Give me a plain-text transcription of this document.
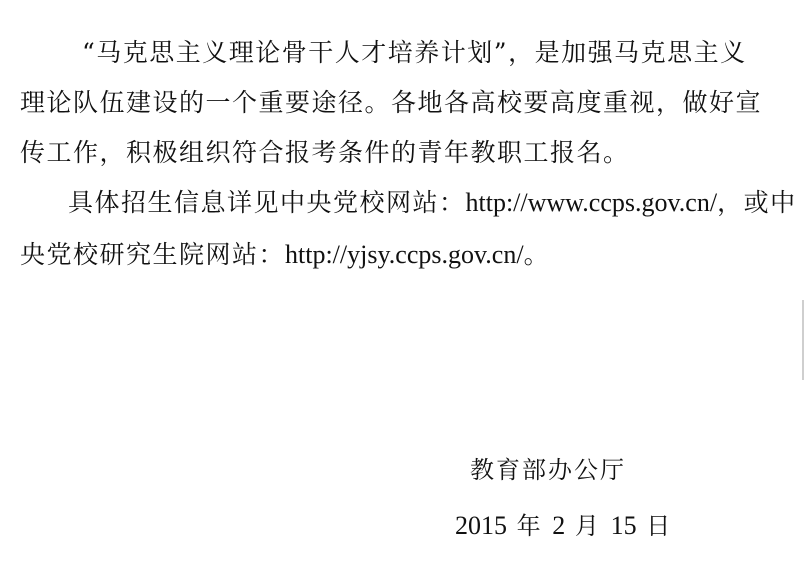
“马克思主义理论骨干人才培养计划”，是加强马克思主义
理论队伍建设的一个重要途径。各地各高校要高度重视，做好宣
传工作，积极组织符合报考条件的青年教职工报名。
具体招生信息详见中央党校网站：http://www.ccps.gov.cn/，或中
央党校研究生院网站：http://yjsy.ccps.gov.cn/。
教育部办公厅
2015 年 2 月 15 日
